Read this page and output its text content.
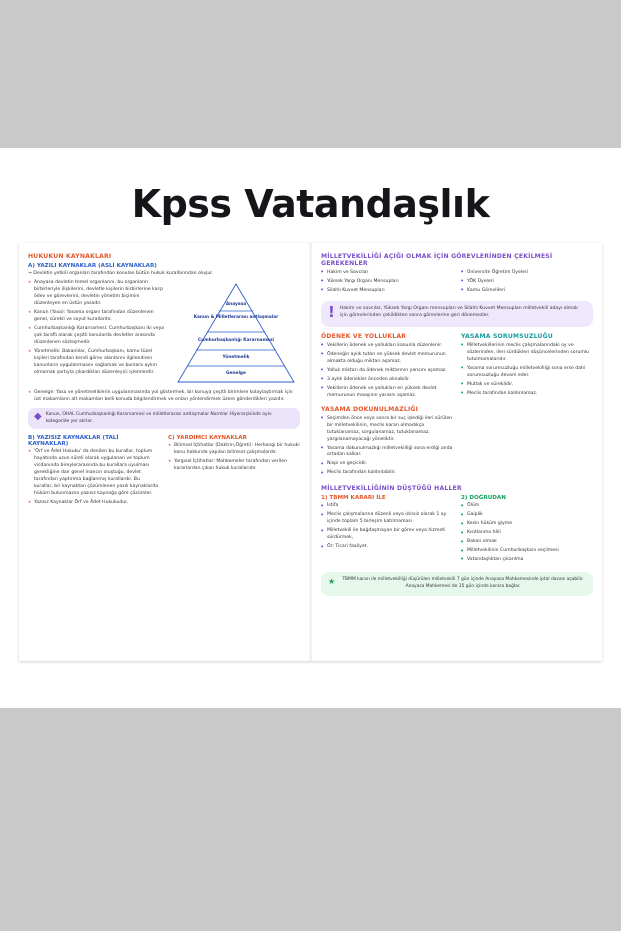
Kpss Vatandaşlık
HUKUKUN KAYNAKLARI
A) YAZILI KAYNAKLAR (ASLİ KAYNAKLAR)

→ Devletin yetkili organları tarafından konulan bütün hukuk kurallarından oluşur.

★ Anayasa devletin temel organlarını, bu organların birbirleriyle ilişkilerini, devletle kişilerin birbirlerine karşı ödev ve görevlerini, devletin yönetim biçimini düzenleyen en üstün yasadır.
★ Kanun (Yasa): Yasama organı tarafından düzenlenen genel, sürekli ve soyut kurallardır.
★ Cumhurbaşkanlığı Kararnamesi: Cumhurbaşkanı iki veya çok taraflı olarak çeşitli konularda devletler arasında düzenlenen sözleşmedir.
★ Yönetmelik: Bakanlılar, Cumhurbaşkanı, kamu tüzel kişileri tarafından kendi görev alanlarını ilgilendiren kanunların uygulanmasını sağlamak ve bunlara aykırı olmamak şartıyla çıkardıkları düzenleyici işlemlerdir.
Anayasa
Kanun & Milletlerarası antlaşmalar
Cumhurbaşkanlığı Kararnamesi
Yönetmelik
Genelge
★ Genelge: Yasa ve yönetmeliklerin uygulanmasında yol göstermek, bir konuya çeşitli birimlere kolaylaştırmak için üst makamların alt makamları belli konuda bilgilendirmek ve onları yönlendirmek üzere gönderdikleri yazıdır.
◆ Kanun, OHAL Cumhurbaşkanlığı Kararnamesi ve milletlerarası antlaşmalar Normlar Hiyerarşisinde aynı kategoride yer alırlar.

B) YAZISIZ KAYNAKLAR (TALİ KAYNAKLAR)
★ 'Örf ve Âdet Hukuku' da denilen bu kurallar, toplum hayatında uzun süreli olarak uygulanan ve toplum vicdanında bireylerarasında bu kurallara uyulması gerekliğine dair genel inancın oluştuğu, devlet tarafından yaptırıma bağlanmış kurallardır. Bu kurallar, bir kaynaktan çözümlenen yazılı kaynaklarda hüküm bulunmazsa yazısız kaynağa göre çözümler.
★ Yazısız Kaynaklar Örf ve Âdet Hukukudur.
C) YARDIMCI KAYNAKLAR
★ Bilimsel İçtihatlar (Doktrin,Öğreti): Herhangi bir hukuki konu hakkında yapılan bilimsel çalışmalardır.
★ Yargısal İçtihatlar: Mahkemeler tarafından verilen kararlardan çıkan hukuk kurallarıdır.
MİLLETVEKİLLİĞİ AÇIĞI OLMAK İÇİN GÖREVLERİNDEN ÇEKİLMESİ GEREKENLER
● Hakim ve Savcılar
● Yüksek Yargı Organı Mensupları
● Silahlı Kuvvet Mensupları
● Üniversite Öğretim Üyeleri
● YÖK Üyeleri
● Kamu Görevlileri
! Hakim ve savcılar, Yüksek Yargı Organı mensupları ve Silahlı Kuvvet Mensupları milletvekili adayı olmak için görevlerinden çekildikten sonra görevlerine geri dönemezler.

ÖDENEK VE YOLLUKLAR
● Vekillerin ödenek ve yollukları kanunla düzenlenir.
● Ödeneğin aylık tutarı en yüksek devlet memurunun almakta olduğu miktarı aşamaz.
● Yolluk miktarı da ödenek miktarının yarısını aşamaz.
● 3 aylık ödenekler önceden alınabilir.
● Vekillerin ödenek ve yollukları en yüksek devlet memurunun maaşının yarısını aşamaz.
YASAMA DOKUNULMAZLIĞI
● Seçimden önce veya sonra bir suç işlediği ileri sürülen bir milletvekilinin, meclis kararı olmadıkça tutuklanamaz, sorgulanamaz, tutuklanamaz, yargılanamayacağı yöneliktir.
● Yasama dokunulmazlığı milletvekilliği sona erdiği anda ortadan kalkar.
● Nispi ve geçicidir.
● Meclis tarafından kaldırılabilir.
YASAMA SORUMSUZLUĞU
● Milletvekillerinin meclis çalışmalarındaki oy ve sözlerinden, ileri sürdükleri düşüncelerinden sorumlu tutulmamalarıdır.
● Yasama sorumsuzluğu milletvekilliği sona erse dahi sorumsuzluğu devam eder.
● Mutlak ve süreklidir.
● Meclis tarafından kaldırılamaz.
MİLLETVEKİLLİĞİNİN DÜŞTÜĞÜ HALLER
1) TBMM KARARI İLE
● İstifa
● Meclis çalışmalarına düzenli veya izinsiz olarak 1 ay içinde toplam 5 birleşim katılmaması
● Milletvekili ile bağdaşmayan bir görev veya hizmeti sürdürmek,
● Ör: Ticari faaliyet.
2) DOĞRUDAN
● Ölüm
● Gaiplik
● Kesin hüküm giyme
● Kısıtlanma hâli
● Bakan olmak
● Milletvekilinin Cumhurbaşkanı seçilmesi
● Vatandaşlıktan çıkarılma
★	TBMM kararı ile milletvekilliği düşürülen milletvekili 7 gün içinde Anayasa Mahkemesinde iptal davası açabilir. Anayasa Mahkemesi de 15 gün içinde karara bağlar.
